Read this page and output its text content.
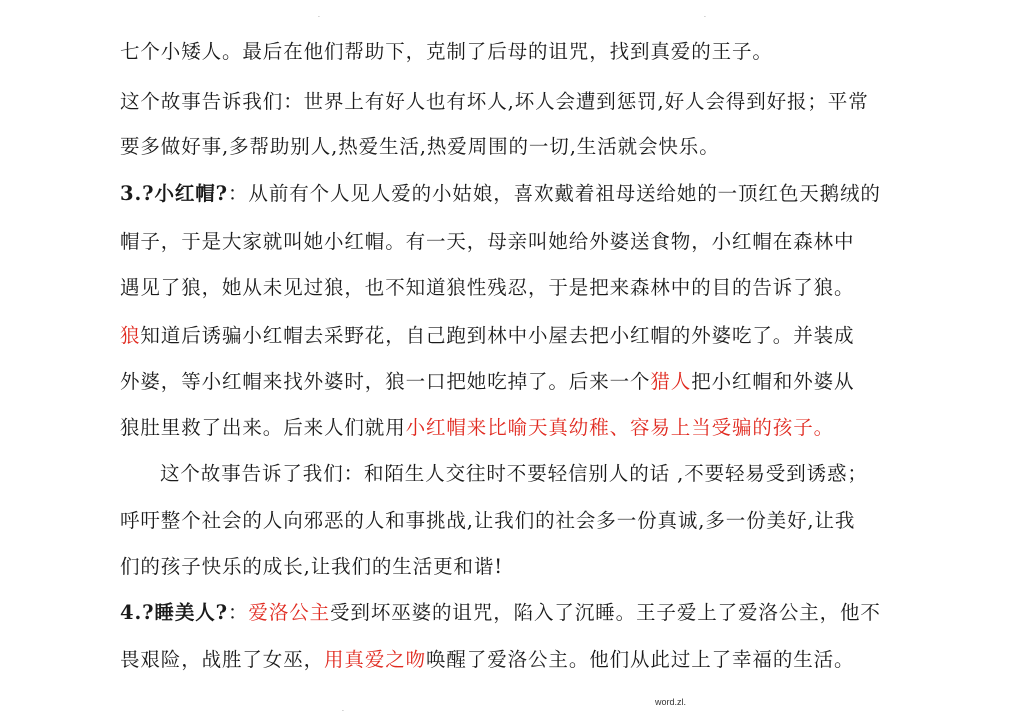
.	.
七个小矮人。最后在他们帮助下，克制了后母的诅咒，找到真爱的王子。
这个故事告诉我们：世界上有好人也有坏人,坏人会遭到惩罚,好人会得到好报；平常
要多做好事,多帮助别人,热爱生活,热爱周围的一切,生活就会快乐。
3.?小红帽?：从前有个人见人爱的小姑娘，喜欢戴着祖母送给她的一顶红色天鹅绒的
帽子，于是大家就叫她小红帽。有一天，母亲叫她给外婆送食物，小红帽在森林中
遇见了狼，她从未见过狼，也不知道狼性残忍，于是把来森林中的目的告诉了狼。
狼知道后诱骗小红帽去采野花，自己跑到林中小屋去把小红帽的外婆吃了。并装成
外婆，等小红帽来找外婆时，狼一口把她吃掉了。后来一个猎人把小红帽和外婆从
狼肚里救了出来。后来人们就用小红帽来比喻天真幼稚、容易上当受骗的孩子。
这个故事告诉了我们：和陌生人交往时不要轻信别人的话 ,不要轻易受到诱惑；
呼吁整个社会的人向邪恶的人和事挑战,让我们的社会多一份真诚,多一份美好,让我
们的孩子快乐的成长,让我们的生活更和谐!
4.?睡美人?：爱洛公主受到坏巫婆的诅咒，陷入了沉睡。王子爱上了爱洛公主，他不
畏艰险，战胜了女巫，用真爱之吻唤醒了爱洛公主。他们从此过上了幸福的生活。
.
word.zl.
